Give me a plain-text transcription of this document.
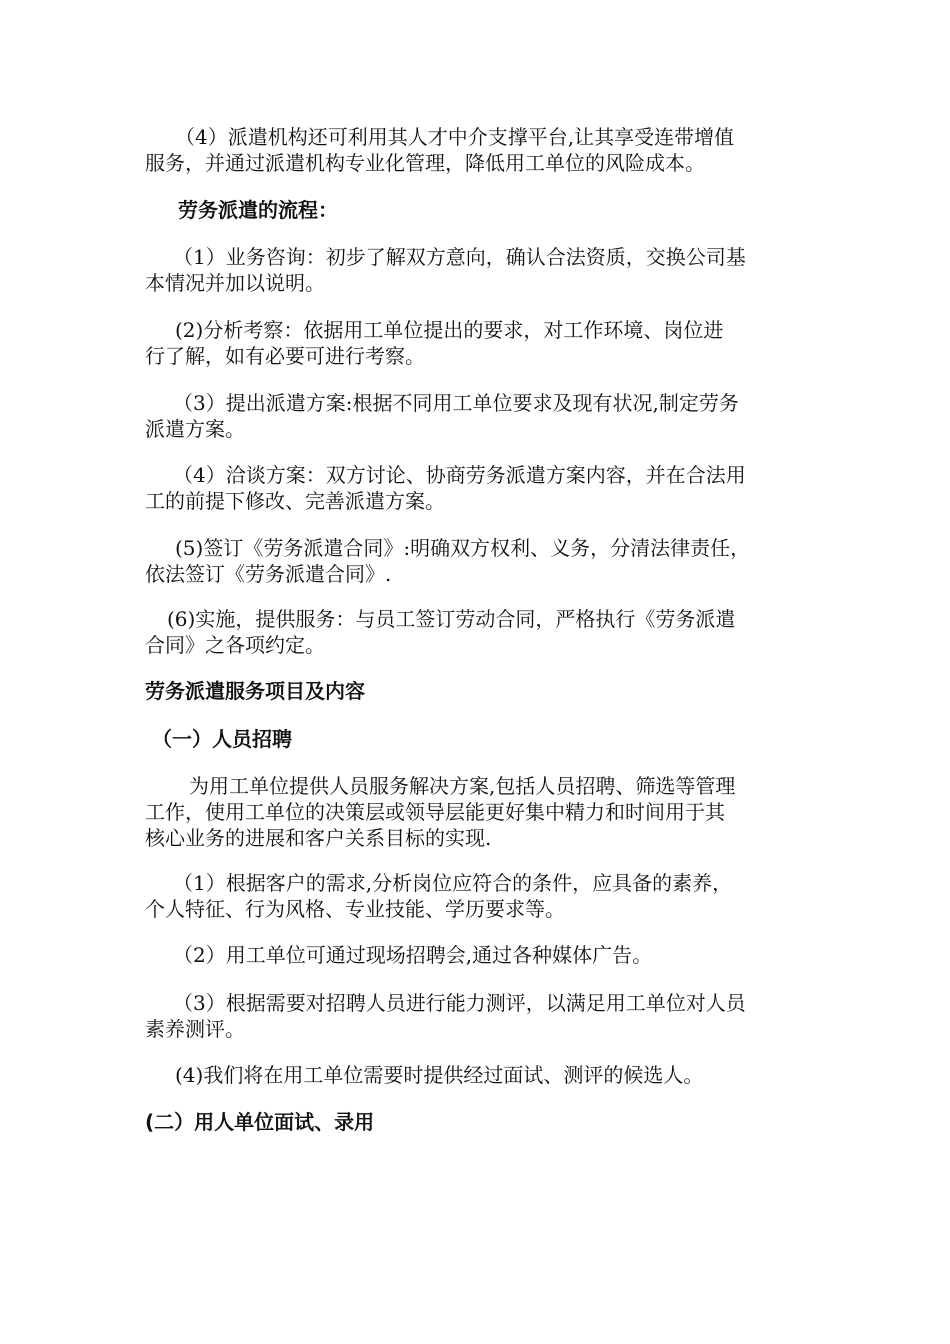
（4）派遣机构还可利用其人才中介支撑平台,让其享受连带增值
服务，并通过派遣机构专业化管理，降低用工单位的风险成本。

劳务派遣的流程：

（1）业务咨询：初步了解双方意向，确认合法资质，交换公司基
本情况并加以说明。

(2)分析考察：依据用工单位提出的要求，对工作环境、岗位进
行了解，如有必要可进行考察。

（3）提出派遣方案:根据不同用工单位要求及现有状况,制定劳务
派遣方案。

（4）洽谈方案：双方讨论、协商劳务派遣方案内容，并在合法用
工的前提下修改、完善派遣方案。

(5)签订《劳务派遣合同》:明确双方权利、义务，分清法律责任，
依法签订《劳务派遣合同》.

(6)实施，提供服务：与员工签订劳动合同，严格执行《劳务派遣
合同》之各项约定。

劳务派遣服务项目及内容

（一）人员招聘

为用工单位提供人员服务解决方案,包括人员招聘、筛选等管理
工作，使用工单位的决策层或领导层能更好集中精力和时间用于其
核心业务的进展和客户关系目标的实现.

（1）根据客户的需求,分析岗位应符合的条件，应具备的素养，
个人特征、行为风格、专业技能、学历要求等。

（2）用工单位可通过现场招聘会,通过各种媒体广告。

（3）根据需要对招聘人员进行能力测评，以满足用工单位对人员
素养测评。

(4)我们将在用工单位需要时提供经过面试、测评的候选人。

(二）用人单位面试、录用
